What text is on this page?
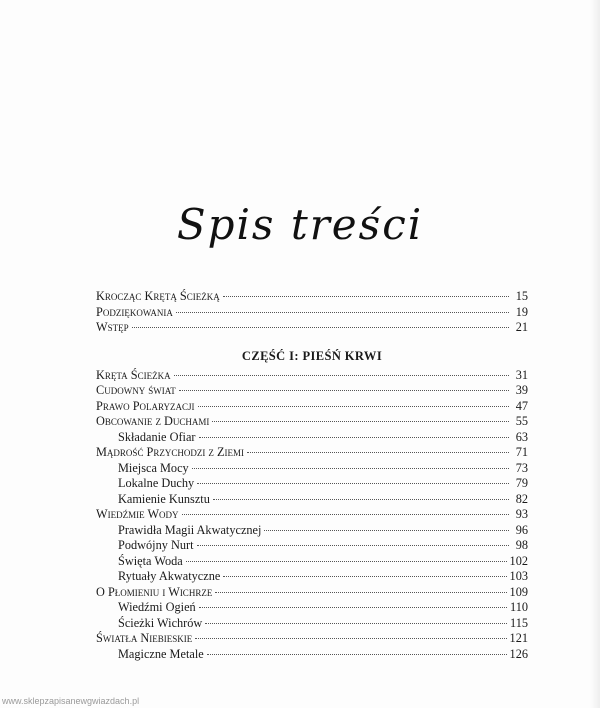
Spis treści
Krocząc Krętą Ścieżką	15
Podziękowania	19
Wstęp	21
CZĘŚĆ I: PIEŚŃ KRWI
Kręta Ścieżka	31
Cudowny świat	39
Prawo Polaryzacji	47
Obcowanie z Duchami	55
Składanie Ofiar	63
Mądrość Przychodzi z Ziemi	71
Miejsca Mocy	73
Lokalne Duchy	79
Kamienie Kunsztu	82
Wiedźmie Wody	93
Prawidła Magii Akwatycznej	96
Podwójny Nurt	98
Święta Woda	102
Rytuały Akwatyczne	103
O Płomieniu i Wichrze	109
Wiedźmi Ogień	110
Ścieżki Wichrów	115
Światła Niebieskie	121
Magiczne Metale	126
www.sklepzapisanewgwiazdach.pl
